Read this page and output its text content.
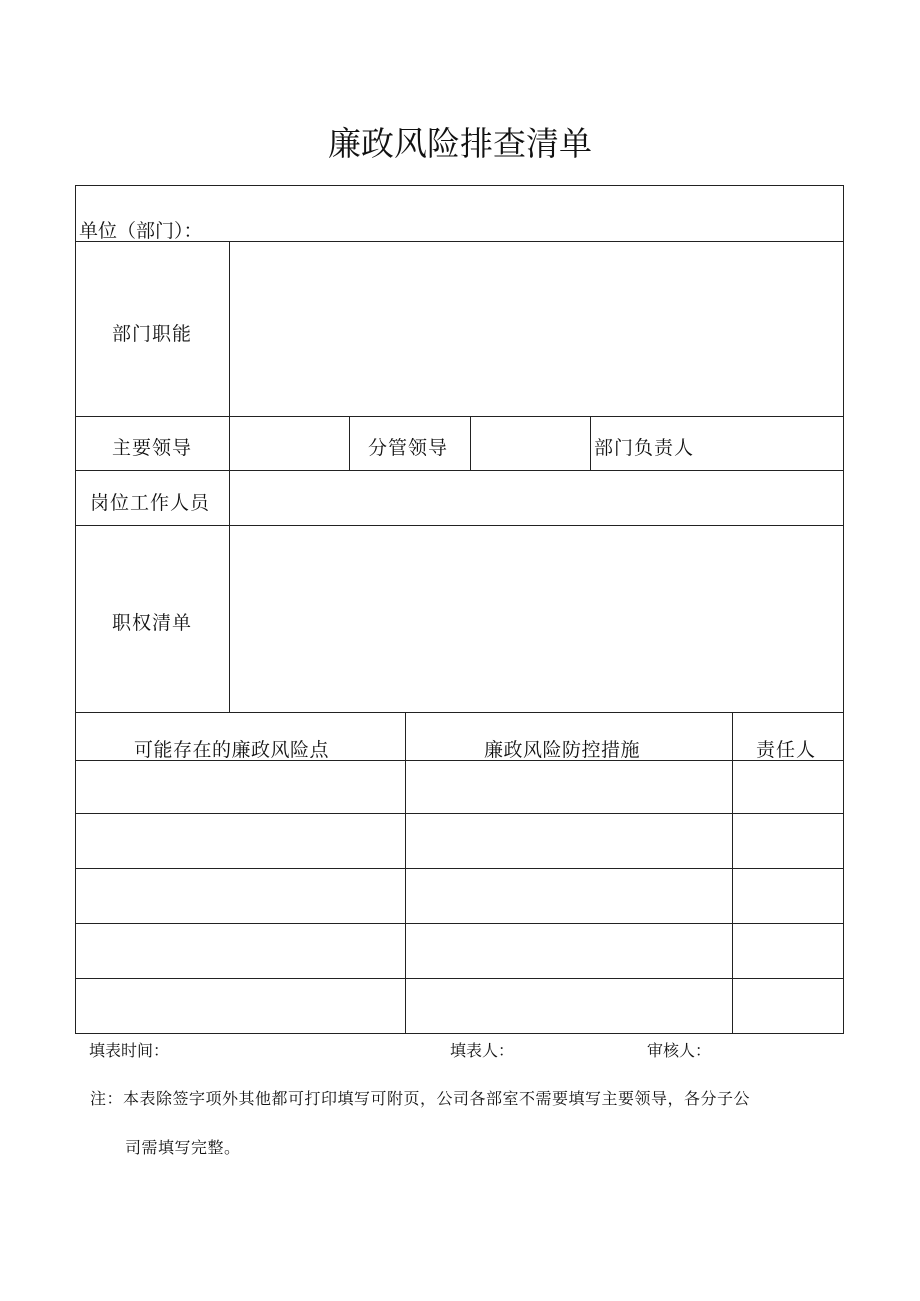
廉政风险排查清单
单位（部门）：
部门职能
主要领导	分管领导	部门负责人
岗位工作人员
职权清单
可能存在的廉政风险点	廉政风险防控措施	责任人
填表时间：	填表人：	审核人：
注：本表除签字项外其他都可打印填写可附页，公司各部室不需要填写主要领导，各分子公
司需填写完整。
